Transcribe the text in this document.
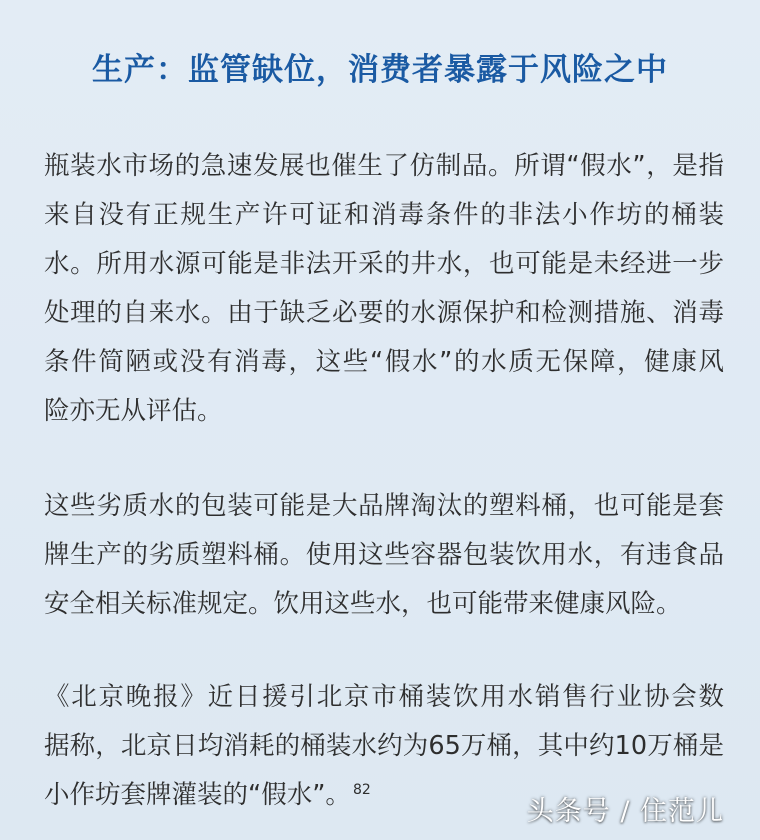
生产：监管缺位，消费者暴露于风险之中

瓶装水市场的急速发展也催生了仿制品。所谓“假水”，是指
来自没有正规生产许可证和消毒条件的非法小作坊的桶装
水。所用水源可能是非法开采的井水，也可能是未经进一步
处理的自来水。由于缺乏必要的水源保护和检测措施、消毒
条件简陋或没有消毒，这些“假水”的水质无保障，健康风
险亦无从评估。

这些劣质水的包装可能是大品牌淘汰的塑料桶，也可能是套
牌生产的劣质塑料桶。使用这些容器包装饮用水，有违食品
安全相关标准规定。饮用这些水，也可能带来健康风险。

《北京晚报》近日援引北京市桶装饮用水销售行业协会数
据称，北京日均消耗的桶装水约为65万桶，其中约10万桶是
小作坊套牌灌装的“假水”。 $^{82}$

头条号 / 住范儿
